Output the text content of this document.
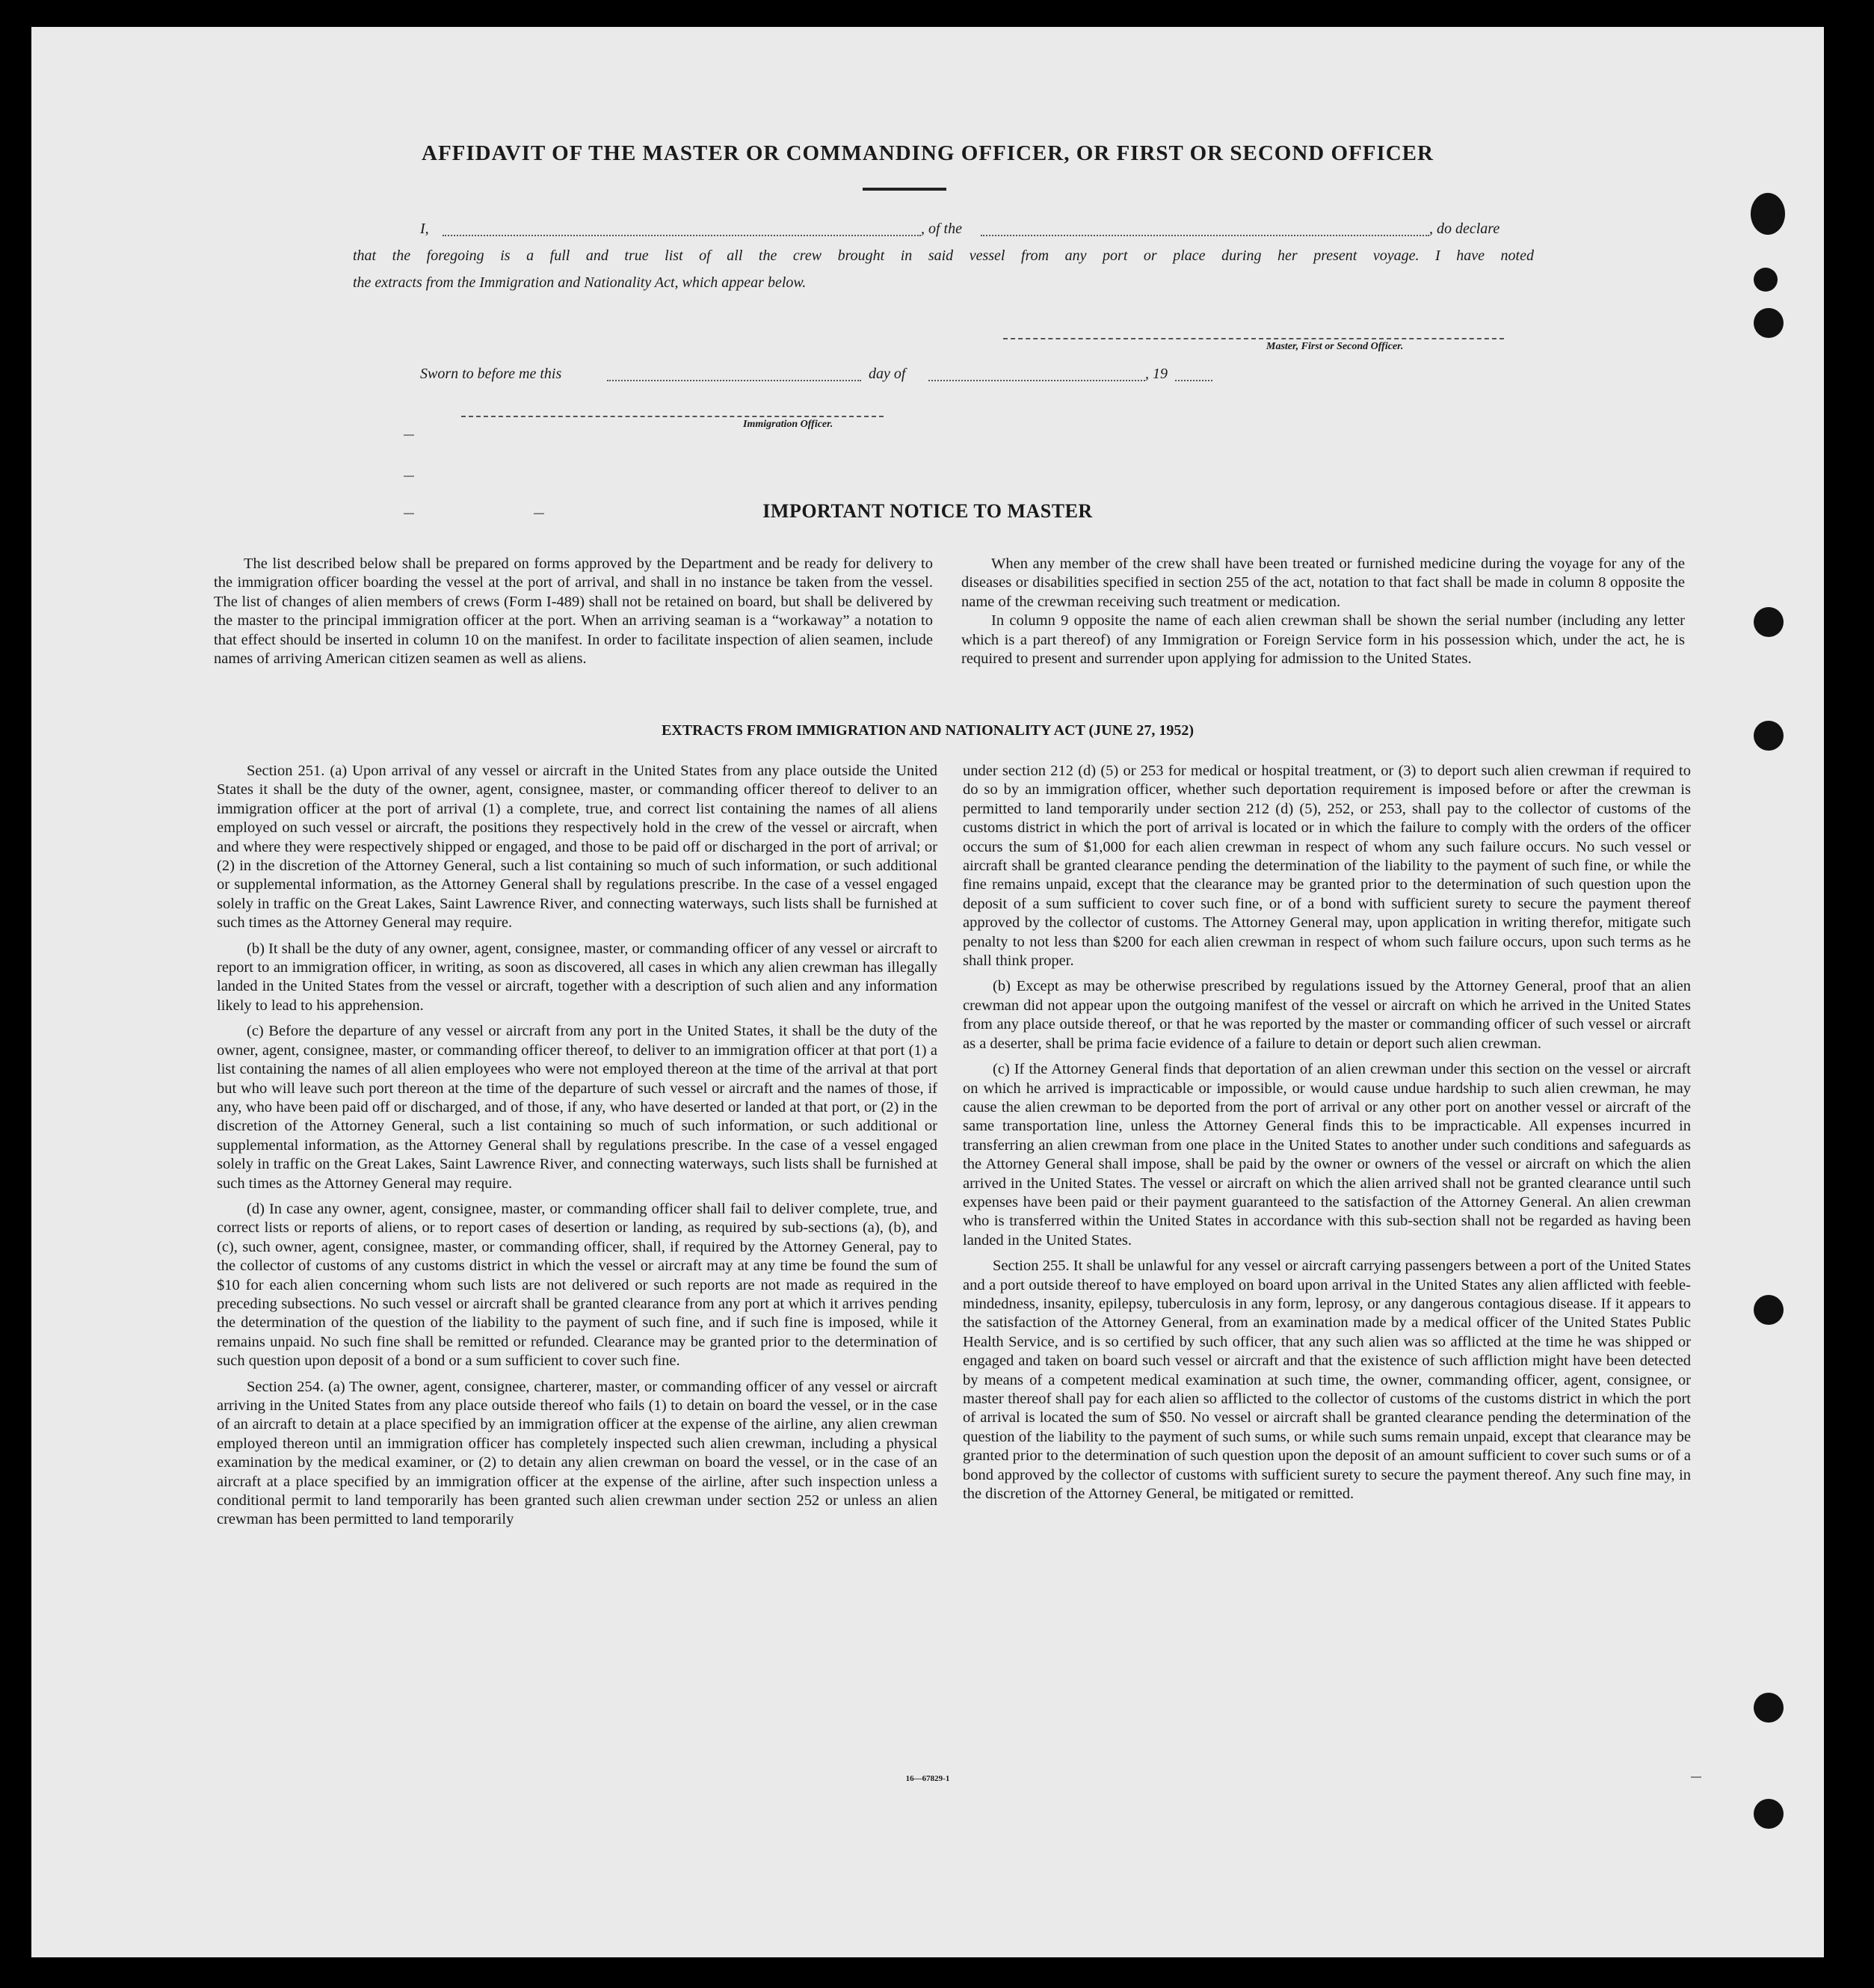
AFFIDAVIT OF THE MASTER OR COMMANDING OFFICER, OR FIRST OR SECOND OFFICER
I,	, of the	, do declare
that the foregoing is a full and true list of all the crew brought in said vessel from any port or place during her present voyage. I have noted
the extracts from the Immigration and Nationality Act, which appear below.
Master, First or Second Officer.
Sworn to before me this	day of	, 19
Immigration Officer.
IMPORTANT NOTICE TO MASTER

The list described below shall be prepared on forms approved by the Department and be ready for delivery to the immigration officer boarding the vessel at the port of arrival, and shall in no instance be taken from the vessel. The list of changes of alien members of crews (Form I-489) shall not be retained on board, but shall be delivered by the master to the principal immigration officer at the port. When an arriving seaman is a “workaway” a notation to that effect should be inserted in column 10 on the manifest. In order to facilitate inspection of alien seamen, include names of arriving American citizen seamen as well as aliens.

When any member of the crew shall have been treated or furnished medicine during the voyage for any of the diseases or disabilities specified in section 255 of the act, notation to that fact shall be made in column 8 opposite the name of the crewman receiving such treatment or medication.

In column 9 opposite the name of each alien crewman shall be shown the serial number (including any letter which is a part thereof) of any Immigration or Foreign Service form in his possession which, under the act, he is required to present and surrender upon applying for admission to the United States.

EXTRACTS FROM IMMIGRATION AND NATIONALITY ACT (JUNE 27, 1952)

Section 251. (a) Upon arrival of any vessel or aircraft in the United States from any place outside the United States it shall be the duty of the owner, agent, consignee, master, or commanding officer thereof to deliver to an immigration officer at the port of arrival (1) a complete, true, and correct list containing the names of all aliens employed on such vessel or aircraft, the positions they respectively hold in the crew of the vessel or aircraft, when and where they were respectively shipped or engaged, and those to be paid off or discharged in the port of arrival; or (2) in the discretion of the Attorney General, such a list containing so much of such information, or such additional or supplemental information, as the Attorney General shall by regulations prescribe. In the case of a vessel engaged solely in traffic on the Great Lakes, Saint Lawrence River, and connecting waterways, such lists shall be furnished at such times as the Attorney General may require.

(b) It shall be the duty of any owner, agent, consignee, master, or commanding officer of any vessel or aircraft to report to an immigration officer, in writing, as soon as discovered, all cases in which any alien crewman has illegally landed in the United States from the vessel or aircraft, together with a description of such alien and any information likely to lead to his apprehension.

(c) Before the departure of any vessel or aircraft from any port in the United States, it shall be the duty of the owner, agent, consignee, master, or commanding officer thereof, to deliver to an immigration officer at that port (1) a list containing the names of all alien employees who were not employed thereon at the time of the arrival at that port but who will leave such port thereon at the time of the departure of such vessel or aircraft and the names of those, if any, who have been paid off or discharged, and of those, if any, who have deserted or landed at that port, or (2) in the discretion of the Attorney General, such a list containing so much of such information, or such additional or supplemental information, as the Attorney General shall by regulations prescribe. In the case of a vessel engaged solely in traffic on the Great Lakes, Saint Lawrence River, and connecting waterways, such lists shall be furnished at such times as the Attorney General may require.

(d) In case any owner, agent, consignee, master, or commanding officer shall fail to deliver complete, true, and correct lists or reports of aliens, or to report cases of desertion or landing, as required by sub-sections (a), (b), and (c), such owner, agent, consignee, master, or commanding officer, shall, if required by the Attorney General, pay to the collector of customs of any customs district in which the vessel or aircraft may at any time be found the sum of $10 for each alien concerning whom such lists are not delivered or such reports are not made as required in the preceding subsections. No such vessel or aircraft shall be granted clearance from any port at which it arrives pending the determination of the question of the liability to the payment of such fine, and if such fine is imposed, while it remains unpaid. No such fine shall be remitted or refunded. Clearance may be granted prior to the determination of such question upon deposit of a bond or a sum sufficient to cover such fine.

Section 254. (a) The owner, agent, consignee, charterer, master, or commanding officer of any vessel or aircraft arriving in the United States from any place outside thereof who fails (1) to detain on board the vessel, or in the case of an aircraft to detain at a place specified by an immigration officer at the expense of the airline, any alien crewman employed thereon until an immigration officer has completely inspected such alien crewman, including a physical examination by the medical examiner, or (2) to detain any alien crewman on board the vessel, or in the case of an aircraft at a place specified by an immigration officer at the expense of the airline, after such inspection unless a conditional permit to land temporarily has been granted such alien crewman under section 252 or unless an alien crewman has been permitted to land temporarily

under section 212 (d) (5) or 253 for medical or hospital treatment, or (3) to deport such alien crewman if required to do so by an immigration officer, whether such deportation requirement is imposed before or after the crewman is permitted to land temporarily under section 212 (d) (5), 252, or 253, shall pay to the collector of customs of the customs district in which the port of arrival is located or in which the failure to comply with the orders of the officer occurs the sum of $1,000 for each alien crewman in respect of whom any such failure occurs. No such vessel or aircraft shall be granted clearance pending the determination of the liability to the payment of such fine, or while the fine remains unpaid, except that the clearance may be granted prior to the determination of such question upon the deposit of a sum sufficient to cover such fine, or of a bond with sufficient surety to secure the payment thereof approved by the collector of customs. The Attorney General may, upon application in writing therefor, mitigate such penalty to not less than $200 for each alien crewman in respect of whom such failure occurs, upon such terms as he shall think proper.

(b) Except as may be otherwise prescribed by regulations issued by the Attorney General, proof that an alien crewman did not appear upon the outgoing manifest of the vessel or aircraft on which he arrived in the United States from any place outside thereof, or that he was reported by the master or commanding officer of such vessel or aircraft as a deserter, shall be prima facie evidence of a failure to detain or deport such alien crewman.

(c) If the Attorney General finds that deportation of an alien crewman under this section on the vessel or aircraft on which he arrived is impracticable or impossible, or would cause undue hardship to such alien crewman, he may cause the alien crewman to be deported from the port of arrival or any other port on another vessel or aircraft of the same transportation line, unless the Attorney General finds this to be impracticable. All expenses incurred in transferring an alien crewman from one place in the United States to another under such conditions and safeguards as the Attorney General shall impose, shall be paid by the owner or owners of the vessel or aircraft on which the alien arrived in the United States. The vessel or aircraft on which the alien arrived shall not be granted clearance until such expenses have been paid or their payment guaranteed to the satisfaction of the Attorney General. An alien crewman who is transferred within the United States in accordance with this sub-section shall not be regarded as having been landed in the United States.

Section 255. It shall be unlawful for any vessel or aircraft carrying passengers between a port of the United States and a port outside thereof to have employed on board upon arrival in the United States any alien afflicted with feeble-mindedness, insanity, epilepsy, tuberculosis in any form, leprosy, or any dangerous contagious disease. If it appears to the satisfaction of the Attorney General, from an examination made by a medical officer of the United States Public Health Service, and is so certified by such officer, that any such alien was so afflicted at the time he was shipped or engaged and taken on board such vessel or aircraft and that the existence of such affliction might have been detected by means of a competent medical examination at such time, the owner, commanding officer, agent, consignee, or master thereof shall pay for each alien so afflicted to the collector of customs of the customs district in which the port of arrival is located the sum of $50. No vessel or aircraft shall be granted clearance pending the determination of the question of the liability to the payment of such sums, or while such sums remain unpaid, except that clearance may be granted prior to the determination of such question upon the deposit of an amount sufficient to cover such sums or of a bond approved by the collector of customs with sufficient surety to secure the payment thereof. Any such fine may, in the discretion of the Attorney General, be mitigated or remitted.

16—67829-1
